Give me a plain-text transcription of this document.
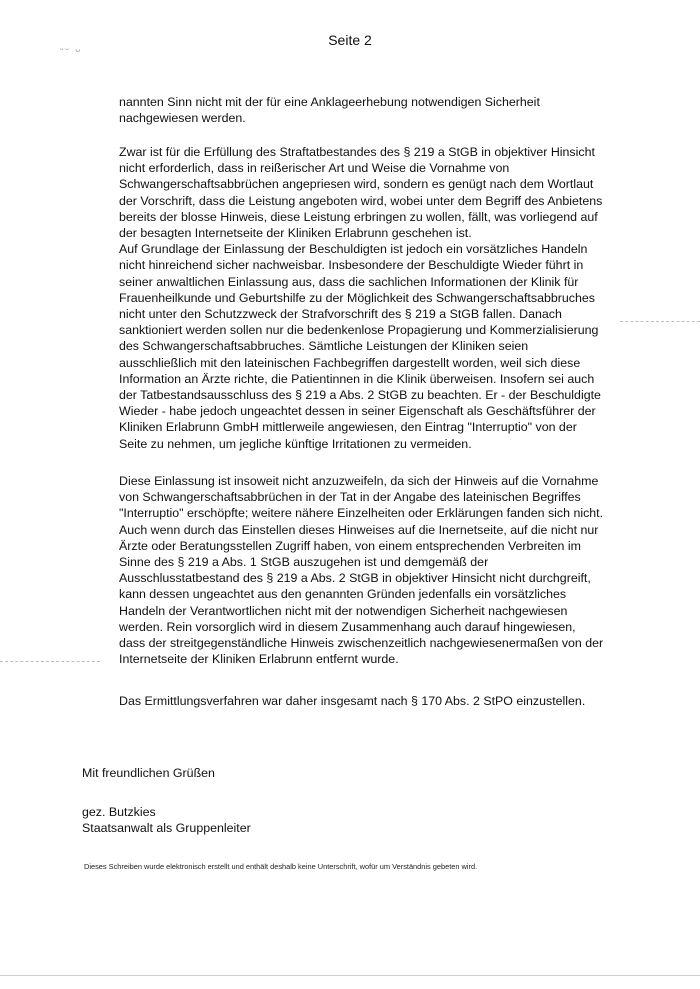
Seite 2
ᵕᵕ ᴗ

nannten Sinn nicht mit der für eine Anklageerhebung notwendigen Sicherheit nachgewiesen werden.

Zwar ist für die Erfüllung des Straftatbestandes des § 219 a StGB in objektiver Hinsicht nicht erforderlich, dass in reißerischer Art und Weise die Vornahme von Schwangerschaftsabbrüchen angepriesen wird, sondern es genügt nach dem Wortlaut der Vorschrift, dass die Leistung angeboten wird, wobei unter dem Begriff des Anbietens bereits der blosse Hinweis, diese Leistung erbringen zu wollen, fällt, was vorliegend auf der besagten Internetseite der Kliniken Erlabrunn geschehen ist.

Auf Grundlage der Einlassung der Beschuldigten ist jedoch ein vorsätzliches Handeln nicht hinreichend sicher nachweisbar. Insbesondere der Beschuldigte Wieder führt in seiner anwaltlichen Einlassung aus, dass die sachlichen Informationen der Klinik für Frauenheilkunde und Geburtshilfe zu der Möglichkeit des Schwangerschaftsabbruches nicht unter den Schutzzweck der Strafvorschrift des § 219 a StGB fallen. Danach sanktioniert werden sollen nur die bedenkenlose Propagierung und Kommerzialisierung des Schwangerschaftsabbruches. Sämtliche Leistungen der Kliniken seien ausschließlich mit den lateinischen Fachbegriffen dargestellt worden, weil sich diese Information an Ärzte richte, die Patientinnen in die Klinik überweisen. Insofern sei auch der Tatbestandsausschluss des § 219 a Abs. 2 StGB zu beachten. Er - der Beschuldigte Wieder - habe jedoch ungeachtet dessen in seiner Eigenschaft als Geschäftsführer der Kliniken Erlabrunn GmbH mittlerweile angewiesen, den Eintrag "Interruptio" von der Seite zu nehmen, um jegliche künftige Irritationen zu vermeiden.

Diese Einlassung ist insoweit nicht anzuzweifeln, da sich der Hinweis auf die Vornahme von Schwangerschaftsabbrüchen in der Tat in der Angabe des lateinischen Begriffes "Interruptio" erschöpfte; weitere nähere Einzelheiten oder Erklärungen fanden sich nicht. Auch wenn durch das Einstellen dieses Hinweises auf die Inernetseite, auf die nicht nur Ärzte oder Beratungsstellen Zugriff haben, von einem entsprechenden Verbreiten im Sinne des § 219 a Abs. 1 StGB auszugehen ist und demgemäß der Ausschlusstatbestand des § 219 a Abs. 2 StGB in objektiver Hinsicht nicht durchgreift, kann dessen ungeachtet aus den genannten Gründen jedenfalls ein vorsätzliches Handeln der Verantwortlichen nicht mit der notwendigen Sicherheit nachgewiesen werden. Rein vorsorglich wird in diesem Zusammenhang auch darauf hingewiesen, dass der streitgegenständliche Hinweis zwischenzeitlich nachgewiesenermaßen von der Internetseite der Kliniken Erlabrunn entfernt wurde.

Das Ermittlungsverfahren war daher insgesamt nach § 170 Abs. 2 StPO einzustellen.

Mit freundlichen Grüßen
gez. Butzkies
Staatsanwalt als Gruppenleiter
Dieses Schreiben wurde elektronisch erstellt und enthält deshalb keine Unterschrift, wofür um Verständnis gebeten wird.
